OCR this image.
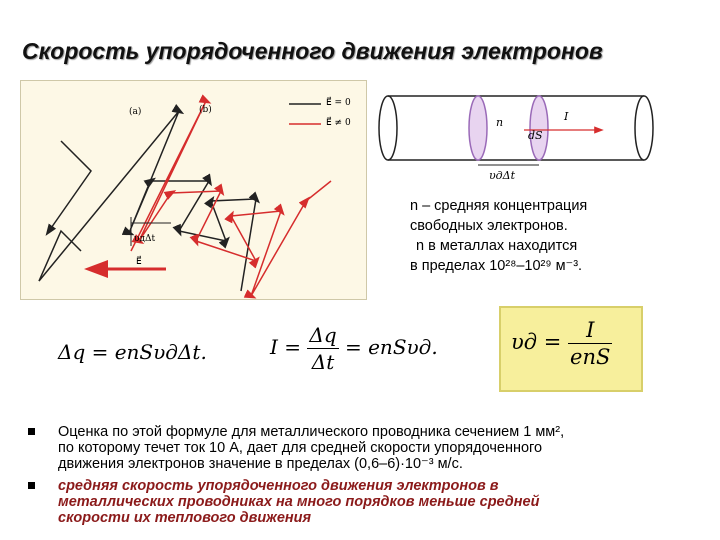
Скорость упорядоченного движения электронов
(a)	(b)
E⃗ = 0
E⃗ ≠ 0
υдΔt
E⃗
n	I
dS
υдΔt
n – средняя концентрация
свободных электронов.
n в металлах находится
в пределах 10²⁸–10²⁹ м⁻³.
Δq = enSυдΔt.	$I = \frac{\Delta q}{\Delta t} = enS\upsilon д$.	$\upsilon д = \frac{I}{\text{enS}}$
Оценка по этой формуле для металлического проводника сечением 1 мм²,
по которому течет ток 10 А, дает для средней скорости упорядоченного
движения электронов значение в пределах (0,6–6)·10⁻³ м/с.
средняя скорость упорядоченного движения электронов в
металлических проводниках на много порядков меньше средней
скорости их теплового движения
